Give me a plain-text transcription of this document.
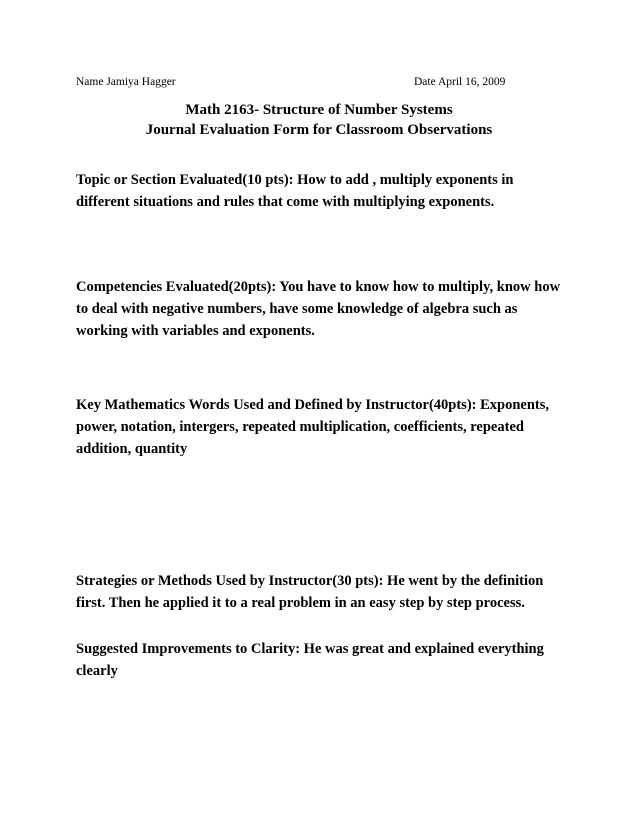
Name Jamiya Hagger	Date April 16, 2009
Math 2163- Structure of Number Systems
Journal Evaluation Form for Classroom Observations
Topic or Section Evaluated(10 pts): How to add , multiply exponents in different situations and rules that come with multiplying exponents.
Competencies Evaluated(20pts): You have to know how to multiply, know how to deal with negative numbers, have some knowledge of algebra such as working with variables and exponents.
Key Mathematics Words Used and Defined by Instructor(40pts): Exponents, power, notation, intergers, repeated multiplication, coefficients, repeated addition, quantity
Strategies or Methods Used by Instructor(30 pts): He went by the definition first. Then he applied it to a real problem in an easy step by step process.
Suggested Improvements to Clarity: He was great and explained everything clearly
